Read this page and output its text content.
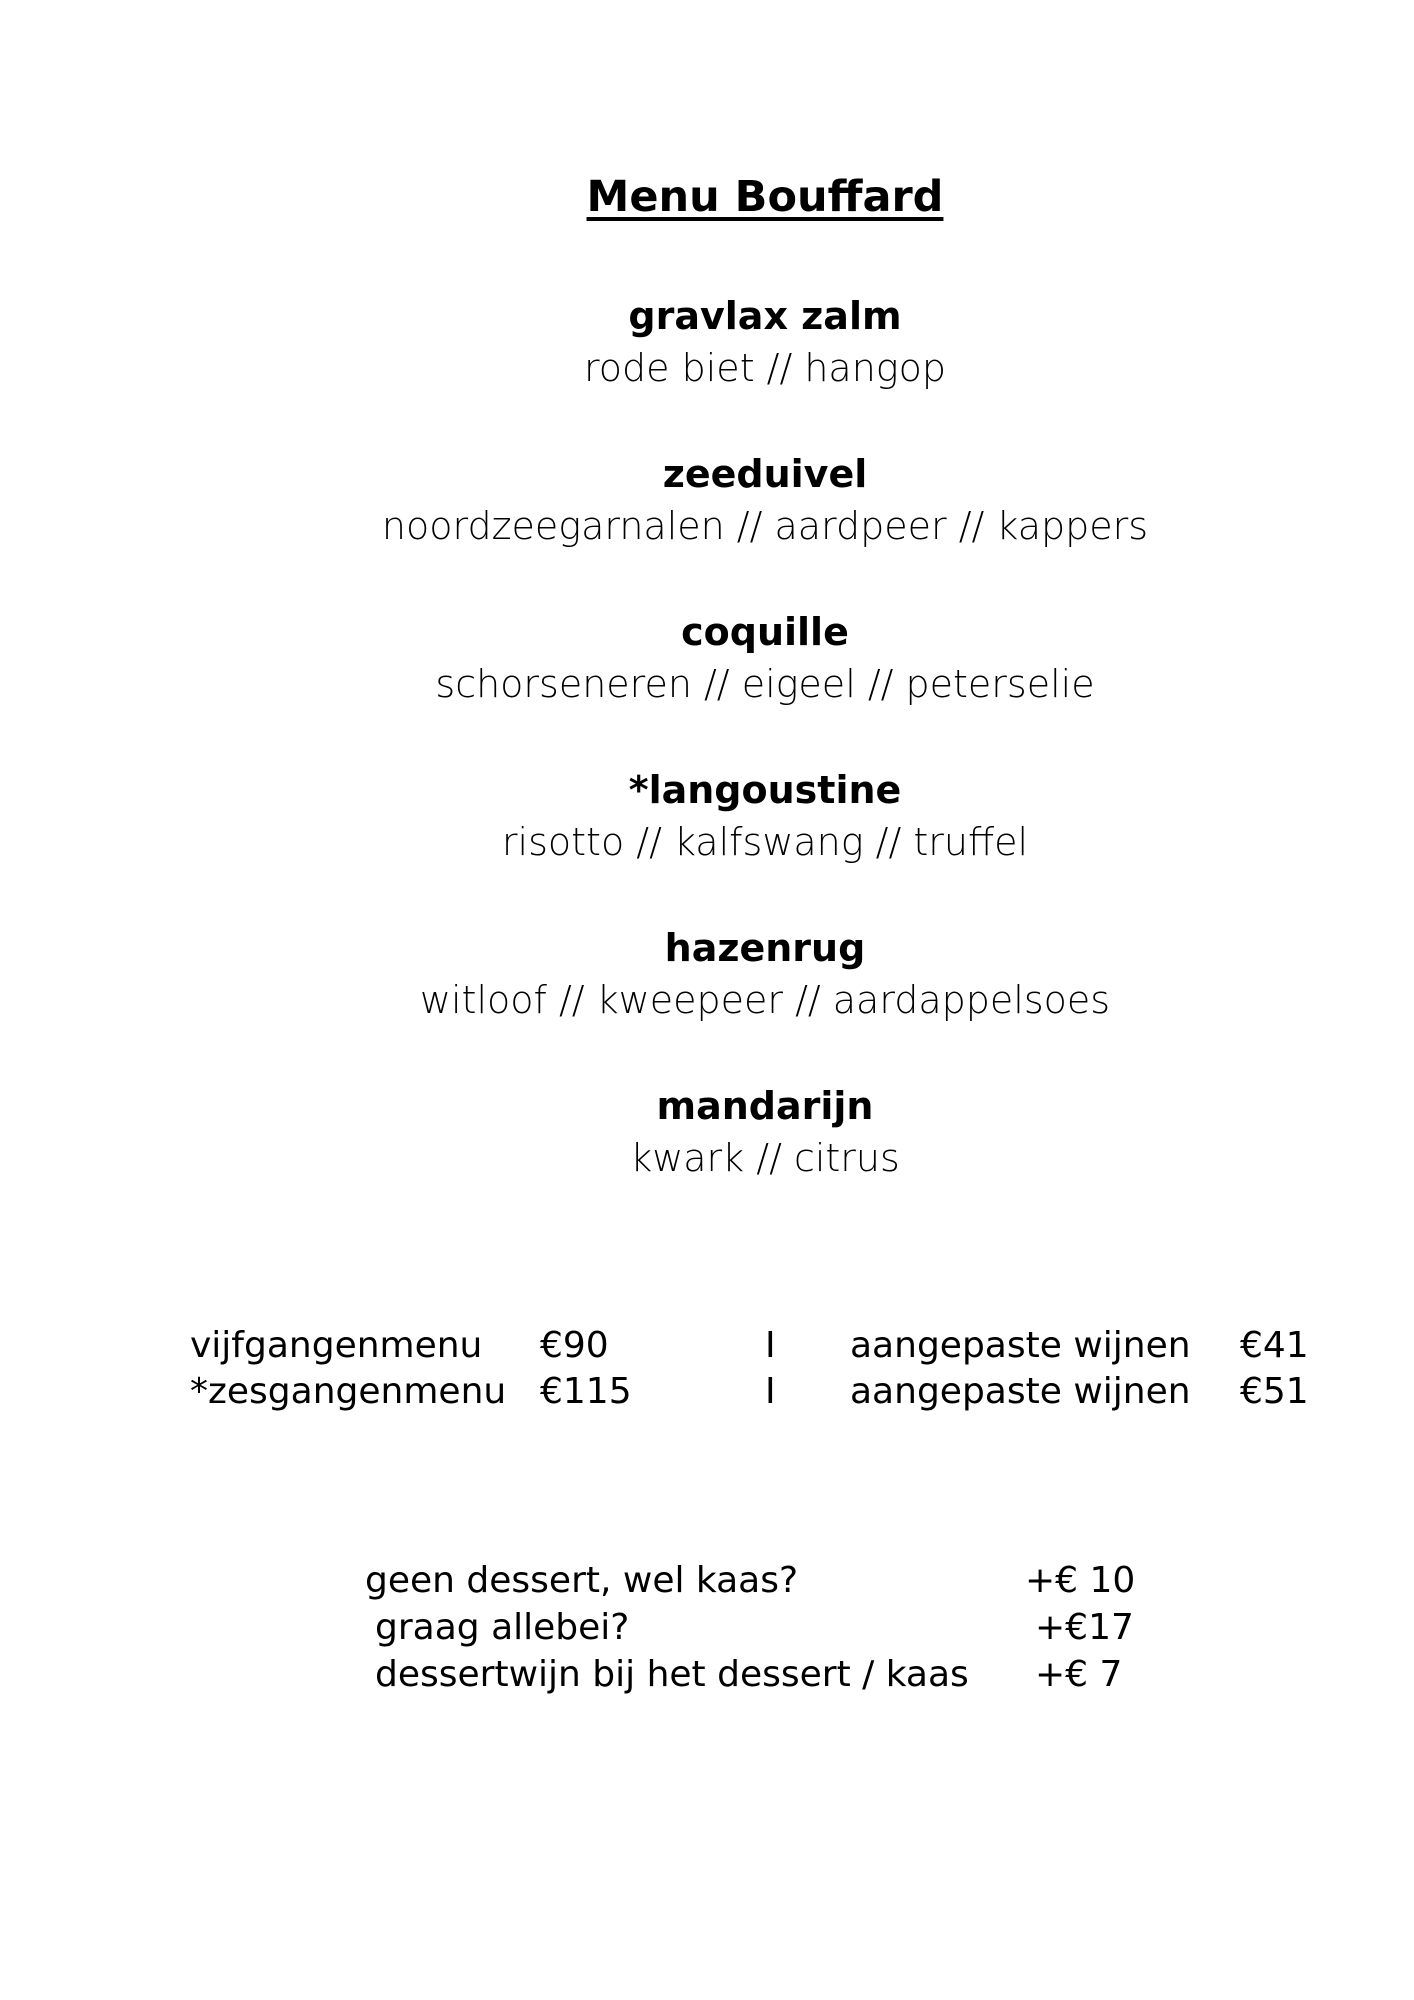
Menu Bouffard
gravlax zalm
rode biet // hangop
zeeduivel
noordzeegarnalen // aardpeer // kappers
coquille
schorseneren // eigeel // peterselie
*langoustine
risotto // kalfswang // truffel
hazenrug
witloof // kweepeer // aardappelsoes
mandarijn
kwark // citrus
vijfgangenmenu €90	I aangepaste wijnen €41
*zesgangenmenu €115	I aangepaste wijnen €51
geen dessert, wel kaas?	+€ 10
graag allebei?	+€17
dessertwijn bij het dessert / kaas +€ 7
